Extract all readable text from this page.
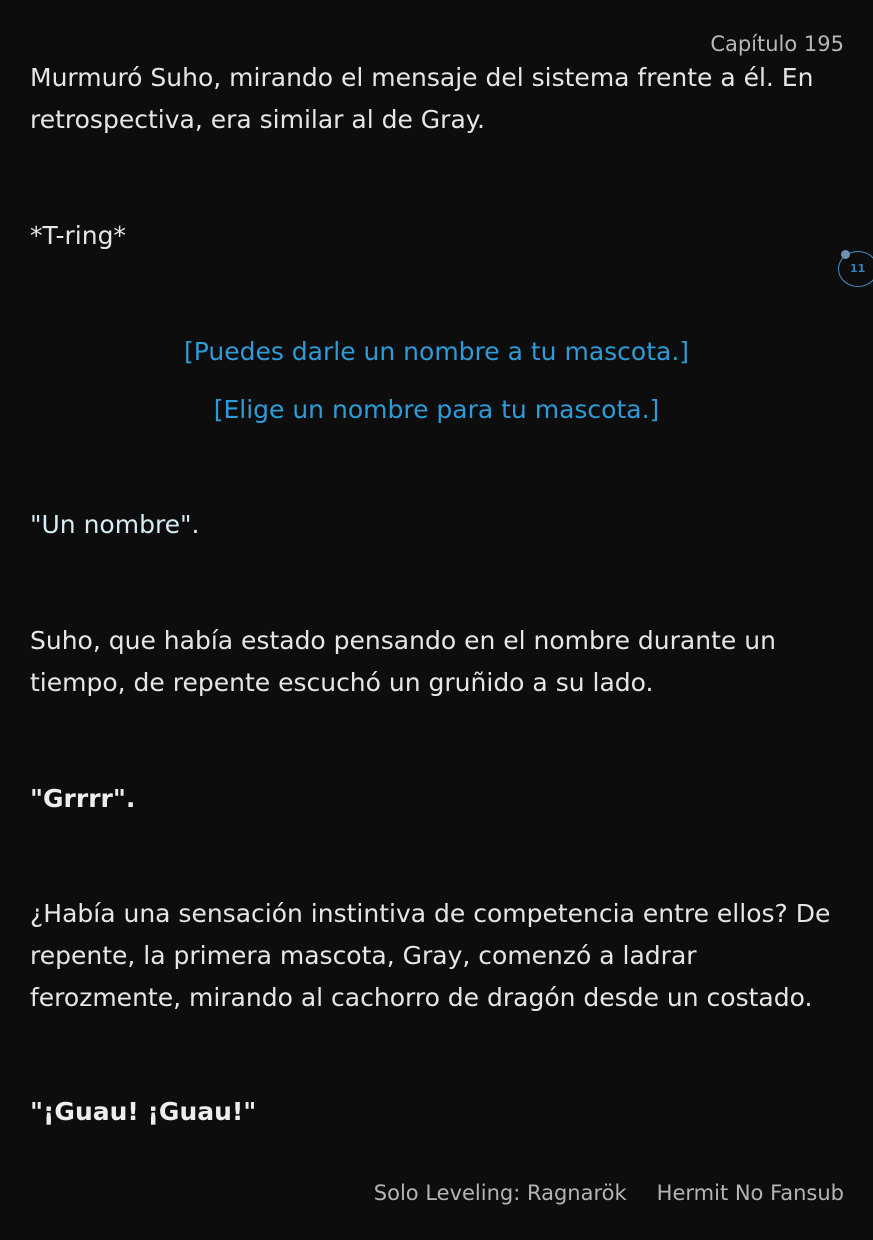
Capítulo 195

Murmuró Suho, mirando el mensaje del sistema frente a él. En retrospectiva, era similar al de Gray.

*T-ring*

11

[Puedes darle un nombre a tu mascota.]

[Elige un nombre para tu mascota.]

"Un nombre".

Suho, que había estado pensando en el nombre durante un tiempo, de repente escuchó un gruñido a su lado.

"Grrrr".

¿Había una sensación instintiva de competencia entre ellos? De repente, la primera mascota, Gray, comenzó a ladrar ferozmente, mirando al cachorro de dragón desde un costado.

"¡Guau! ¡Guau!"

Solo Leveling: Ragnarök Hermit No Fansub
